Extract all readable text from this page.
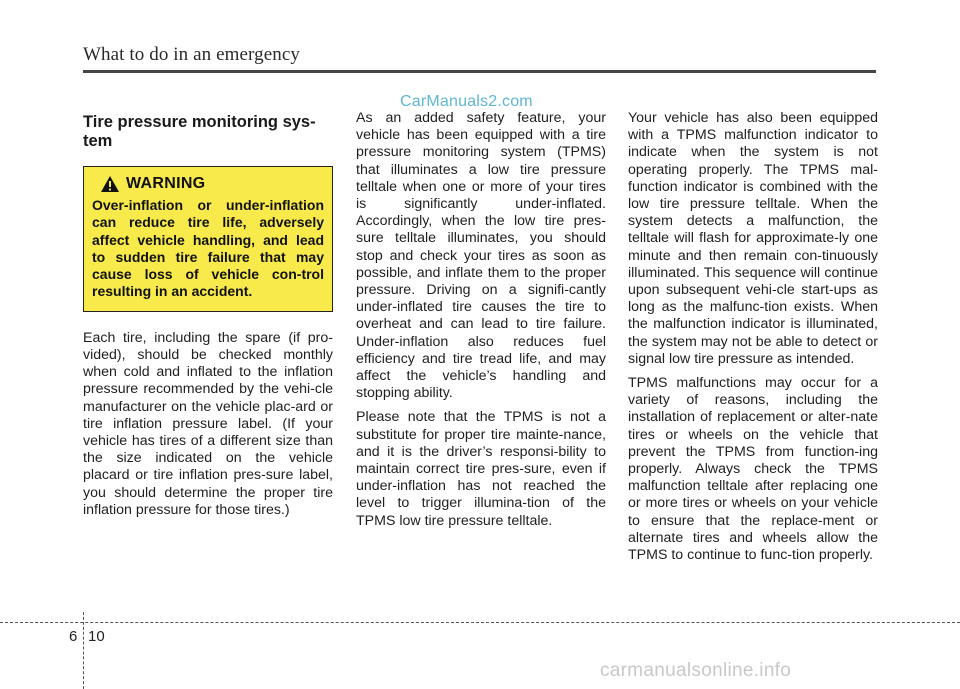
What to do in an emergency
CarManuals2.com
Tire pressure monitoring sys-
tem
WARNING

Over-inflation or under-inflation can reduce tire life, adversely affect vehicle handling, and lead to sudden tire failure that may cause loss of vehicle con-trol resulting in an accident.

Each tire, including the spare (if pro-vided), should be checked monthly when cold and inflated to the inflation pressure recommended by the vehi-cle manufacturer on the vehicle plac-ard or tire inflation pressure label. (If your vehicle has tires of a different size than the size indicated on the vehicle placard or tire inflation pres-sure label, you should determine the proper tire inflation pressure for those tires.)

As an added safety feature, your vehicle has been equipped with a tire pressure monitoring system (TPMS) that illuminates a low tire pressure telltale when one or more of your tires is significantly under-inflated. Accordingly, when the low tire pres-sure telltale illuminates, you should stop and check your tires as soon as possible, and inflate them to the proper pressure. Driving on a signifi-cantly under-inflated tire causes the tire to overheat and can lead to tire failure. Under-inflation also reduces fuel efficiency and tire tread life, and may affect the vehicle’s handling and stopping ability.

Please note that the TPMS is not a substitute for proper tire mainte-nance, and it is the driver’s responsi-bility to maintain correct tire pres-sure, even if under-inflation has not reached the level to trigger illumina-tion of the TPMS low tire pressure telltale.

Your vehicle has also been equipped with a TPMS malfunction indicator to indicate when the system is not operating properly. The TPMS mal-function indicator is combined with the low tire pressure telltale. When the system detects a malfunction, the telltale will flash for approximate-ly one minute and then remain con-tinuously illuminated. This sequence will continue upon subsequent vehi-cle start-ups as long as the malfunc-tion exists. When the malfunction indicator is illuminated, the system may not be able to detect or signal low tire pressure as intended.

TPMS malfunctions may occur for a variety of reasons, including the installation of replacement or alter-nate tires or wheels on the vehicle that prevent the TPMS from function-ing properly. Always check the TPMS malfunction telltale after replacing one or more tires or wheels on your vehicle to ensure that the replace-ment or alternate tires and wheels allow the TPMS to continue to func-tion properly.

6 10
carmanualsonline.info
